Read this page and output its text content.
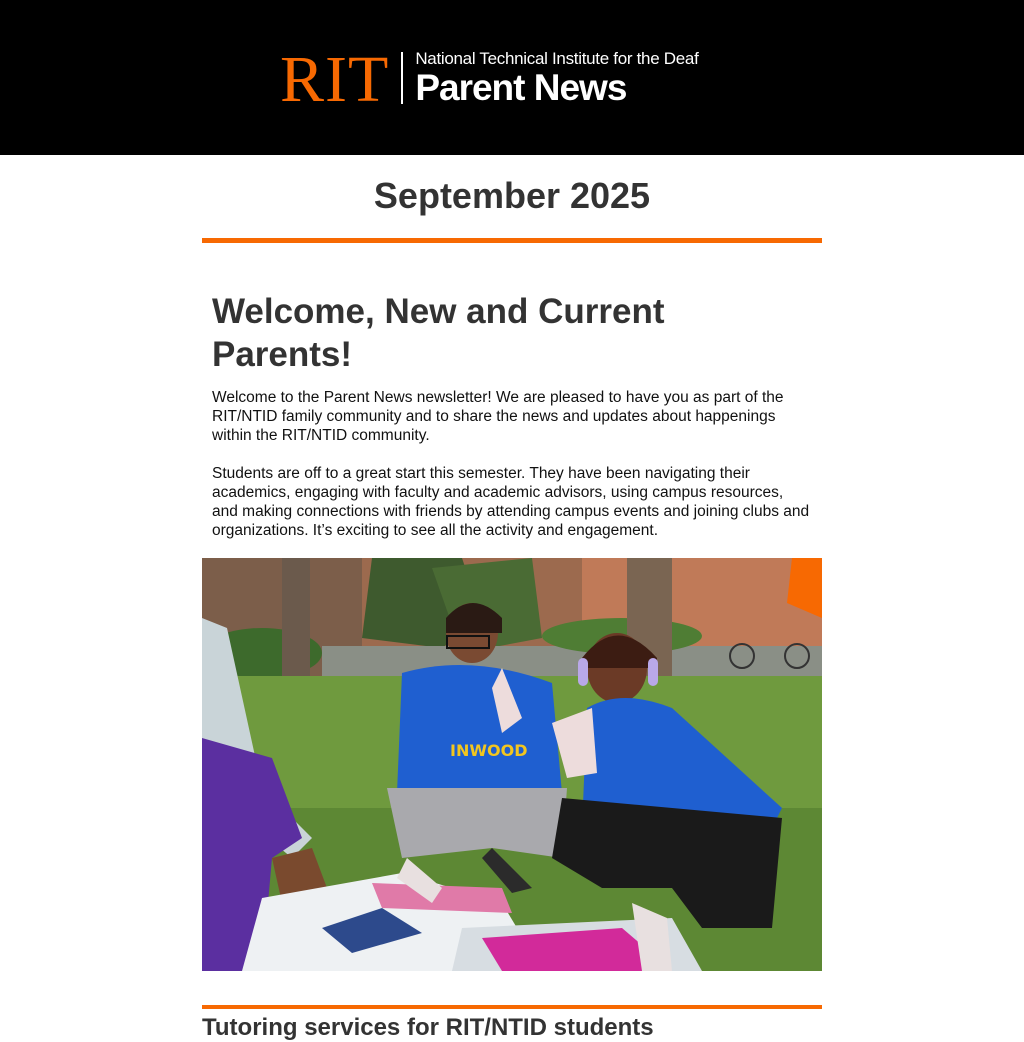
RIT National Technical Institute for the Deaf
Parent News
September 2025
Welcome, New and Current Parents!

Welcome to the Parent News newsletter! We are pleased to have you as part of the RIT/NTID family community and to share the news and updates about happenings within the RIT/NTID community.

Students are off to a great start this semester. They have been navigating their academics, engaging with faculty and academic advisors, using campus resources, and making connections with friends by attending campus events and joining clubs and organizations. It’s exciting to see all the activity and engagement.

INWOOD
Tutoring services for RIT/NTID students
